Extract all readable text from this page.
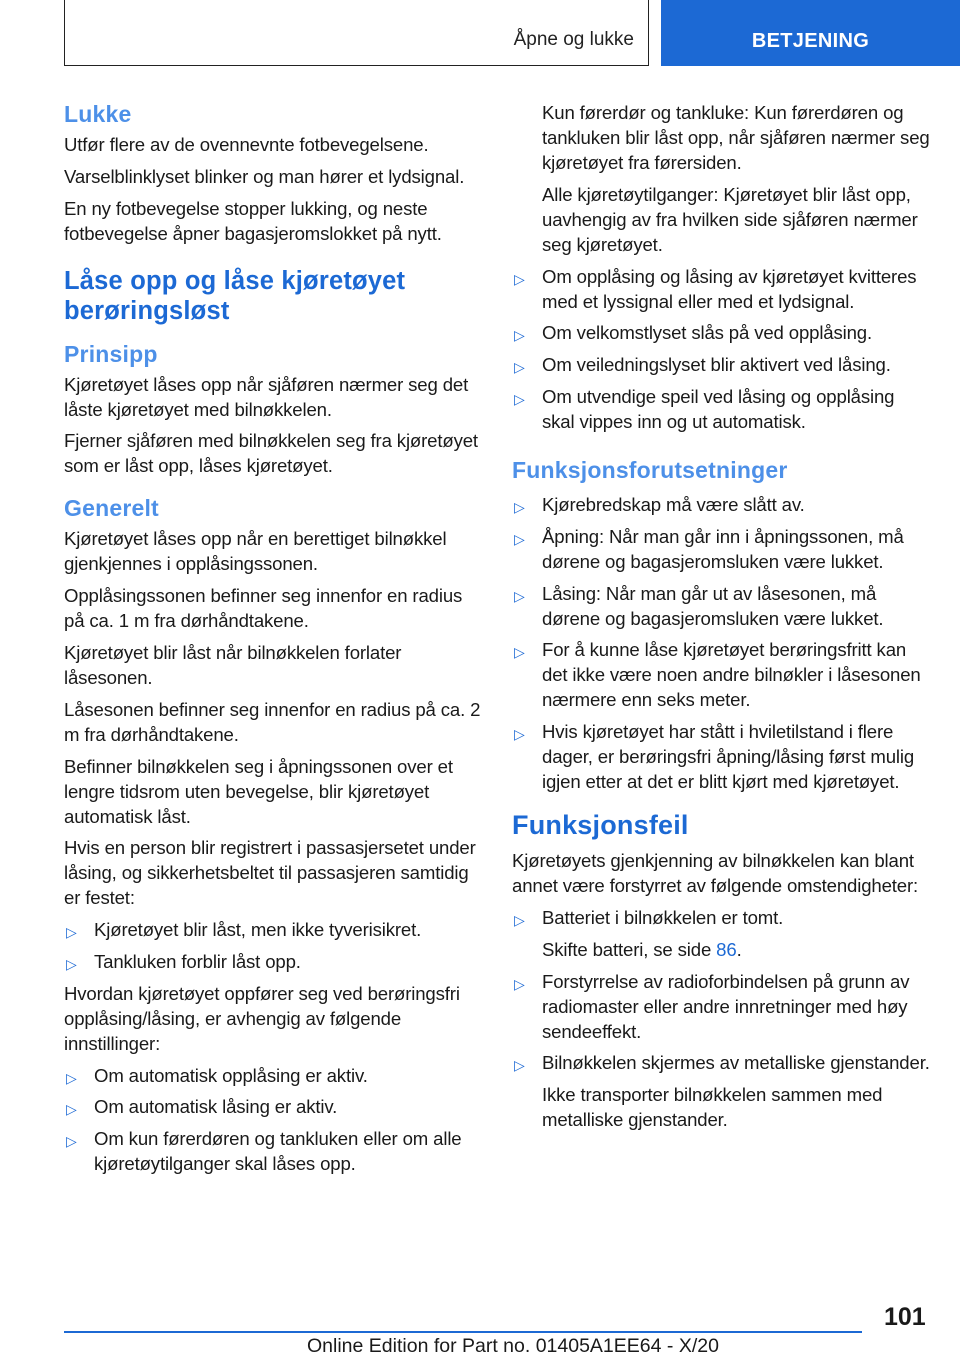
Åpne og lukke	BETJENING
Lukke

Utfør flere av de ovennevnte fotbevegelsene.

Varselblinklyset blinker og man hører et lydsignal.

En ny fotbevegelse stopper lukking, og neste fotbevegelse åpner bagasjeromslokket på nytt.

Låse opp og låse kjøretøyet berøringsløst
Prinsipp

Kjøretøyet låses opp når sjåføren nærmer seg det låste kjøretøyet med bilnøkkelen.

Fjerner sjåføren med bilnøkkelen seg fra kjøretøyet som er låst opp, låses kjøretøyet.

Generelt

Kjøretøyet låses opp når en berettiget bilnøkkel gjenkjennes i opplåsingssonen.

Opplåsingssonen befinner seg innenfor en radius på ca. 1 m fra dørhåndtakene.

Kjøretøyet blir låst når bilnøkkelen forlater låsesonen.

Låsesonen befinner seg innenfor en radius på ca. 2 m fra dørhåndtakene.

Befinner bilnøkkelen seg i åpningssonen over et lengre tidsrom uten bevegelse, blir kjøretøyet automatisk låst.

Hvis en person blir registrert i passasjersetet under låsing, og sikkerhetsbeltet til passasjeren samtidig er festet:

▷ Kjøretøyet blir låst, men ikke tyverisikret.

▷ Tankluken forblir låst opp.

Hvordan kjøretøyet oppfører seg ved berøringsfri opplåsing/låsing, er avhengig av følgende innstillinger:

▷ Om automatisk opplåsing er aktiv.

▷ Om automatisk låsing er aktiv.

▷ Om kun førerdøren og tankluken eller om alle kjøretøytilganger skal låses opp.

Kun førerdør og tankluke: Kun førerdøren og tankluken blir låst opp, når sjåføren nærmer seg kjøretøyet fra førersiden.

Alle kjøretøytilganger: Kjøretøyet blir låst opp, uavhengig av fra hvilken side sjåføren nærmer seg kjøretøyet.

▷ Om opplåsing og låsing av kjøretøyet kvitteres med et lyssignal eller med et lydsignal.

▷ Om velkomstlyset slås på ved opplåsing.

▷ Om veiledningslyset blir aktivert ved låsing.

▷ Om utvendige speil ved låsing og opplåsing skal vippes inn og ut automatisk.

Funksjonsforutsetninger

▷ Kjørebredskap må være slått av.

▷ Åpning: Når man går inn i åpningssonen, må dørene og bagasjeromsluken være lukket.

▷ Låsing: Når man går ut av låsesonen, må dørene og bagasjeromsluken være lukket.

▷ For å kunne låse kjøretøyet berøringsfritt kan det ikke være noen andre bilnøkler i låsesonen nærmere enn seks meter.

▷ Hvis kjøretøyet har stått i hviletilstand i flere dager, er berøringsfri åpning/låsing først mulig igjen etter at det er blitt kjørt med kjøretøyet.

Funksjonsfeil

Kjøretøyets gjenkjenning av bilnøkkelen kan blant annet være forstyrret av følgende omstendigheter:

▷ Batteriet i bilnøkkelen er tomt.

Skifte batteri, se side 86.

▷ Forstyrrelse av radioforbindelsen på grunn av radiomaster eller andre innretninger med høy sendeeffekt.

▷ Bilnøkkelen skjermes av metalliske gjenstander.

Ikke transporter bilnøkkelen sammen med metalliske gjenstander.

101
Online Edition for Part no. 01405A1EE64 - X/20
